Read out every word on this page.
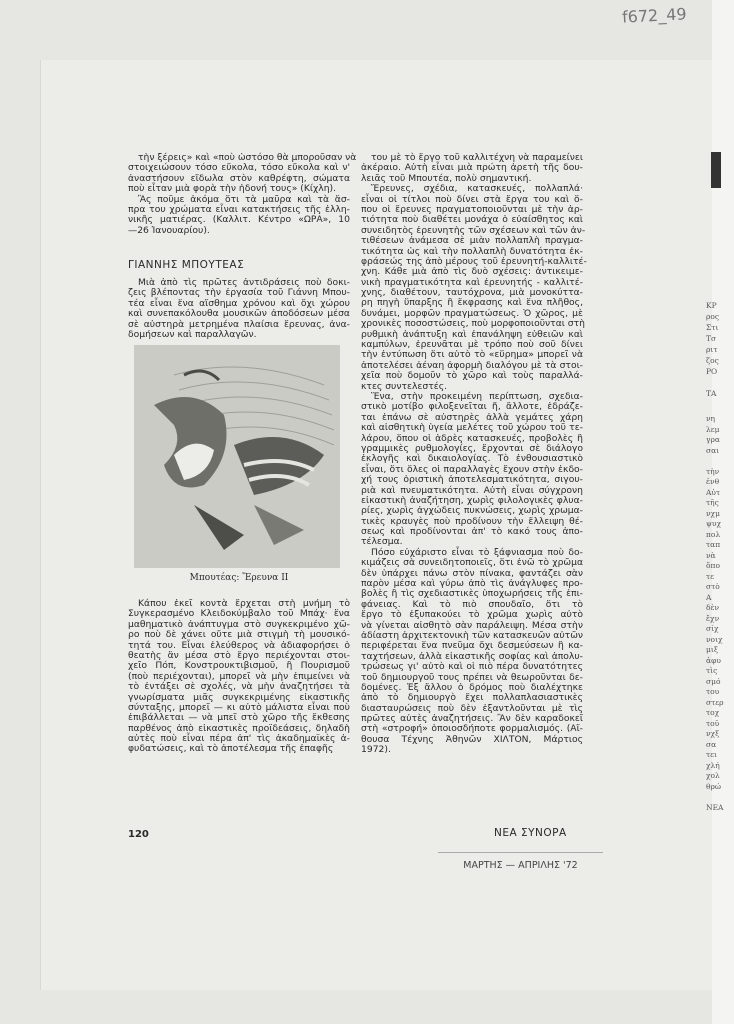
f672_49
τὴν ξέρεις» καὶ «ποὺ ὡστόσο θὰ μποροῦσαν νὰ
στοιχειώσουν τόσο εὔκολα, τόσο εὔκολα καὶ ν'
ἀναστήσουν εἴδωλα στὸν καθρέφτη, σώματα
ποὺ εἶταν μιὰ φορὰ τὴν ἡδονή τους» (Κίχλη).
Ἂς ποῦμε ἀκόμα ὅτι τὰ μαῦρα καὶ τὰ ἄσ-
πρα του χρώματα εἶναι κατακτήσεις τῆς ἑλλη-
νικῆς ματιέρας. (Καλλιτ. Κέντρο «ΩΡΑ», 10
—26 Ἰανουαρίου).
ΓΙΑΝΝΗΣ ΜΠΟΥΤΕΑΣ
Μιὰ ἀπὸ τὶς πρῶτες ἀντιδράσεις ποὺ δοκι-
ζεις βλέποντας τὴν ἐργασία τοῦ Γιάννη Μπου-
τέα εἶναι ἕνα αἴσθημα χρόνου καὶ ὄχι χώρου
καὶ συνεπακόλουθα μουσικῶν ἀποδόσεων μέσα
σὲ αὐστηρὰ μετρημένα πλαίσια ἔρευνας, ἀνα-
δομήσεων καὶ παραλλαγῶν.
Μπουτέας: Ἔρευνα ΙΙ
Κάπου ἐκεῖ κοντὰ ἔρχεται στὴ μνήμη τὸ
Συγκερασμένο Κλειδοκύμβαλο τοῦ Μπάχ· ἕνα
μαθηματικὸ ἀνάπτυγμα στὸ συγκεκριμένο χῶ-
ρο ποὺ δὲ χάνει οὔτε μιὰ στιγμὴ τὴ μουσικό-
τητά του. Εἶναι ἐλεύθερος νὰ ἀδιαφορήσει ὁ
θεατὴς ἂν μέσα στὸ ἔργο περιέχονται στοι-
χεῖο Πόπ, Κονστρουκτιβισμοῦ, ἢ Πουρισμοῦ
(ποὺ περιέχονται), μπορεῖ νὰ μὴν ἐπιμείνει νὰ
τὸ ἐντάξει σὲ σχολές, νὰ μὴν ἀναζητήσει τὰ
γνωρίσματα μιᾶς συγκεκριμένης εἰκαστικῆς
σύνταξης, μπορεῖ — κι αὐτὸ μάλιστα εἶναι ποὺ
ἐπιβάλλεται — νὰ μπεῖ στὸ χῶρο τῆς ἔκθεσης
παρθένος ἀπὸ εἰκαστικὲς προϊδεάσεις, δηλαδὴ
αὐτὲς ποὺ εἶναι πέρα ἀπ' τὶς ἀκαδημαϊκὲς ἀ-
φυδατώσεις, καὶ τὸ ἀποτέλεσμα τῆς ἐπαφῆς
του μὲ τὸ ἔργο τοῦ καλλιτέχνη νὰ παραμείνει
ἀκέραιο. Αὐτὴ εἶναι μιὰ πρώτη ἀρετὴ τῆς δου-
λειᾶς τοῦ Μπουτέα, πολὺ σημαντική.
Ἔρευνες, σχέδια, κατασκευές, πολλαπλά·
εἶναι οἱ τίτλοι ποὺ δίνει στὰ ἔργα του καὶ ὅ-
που οἱ ἔρευνες πραγματοποιοῦνται μὲ τὴν ἀρ-
τιότητα ποὺ διαθέτει μονάχα ὁ εὐαίσθητος καὶ
συνειδητὸς ἐρευνητὴς τῶν σχέσεων καὶ τῶν ἀν-
τιθέσεων ἀνάμεσα σὲ μιὰν πολλαπλὴ πραγμα-
τικότητα ὡς καὶ τὴν πολλαπλὴ δυνατότητα ἐκ-
φράσεώς της ἀπὸ μέρους τοῦ ἐρευνητή-καλλιτέ-
χνη. Κάθε μιὰ ἀπὸ τὶς δυὸ σχέσεις: ἀντικειμε-
νικὴ πραγματικότητα καὶ ἐρευνητής - καλλιτέ-
χνης, διαθέτουν, ταυτόχρονα, μιὰ μονοκύττα-
ρη πηγὴ ὕπαρξης ἢ ἔκφρασης καὶ ἕνα πλῆθος,
δυνάμει, μορφῶν πραγματώσεως. Ὁ χῶρος, μὲ
χρονικὲς ποσοστώσεις, ποὺ μορφοποιοῦνται στὴ
ρυθμικὴ ἀνάπτυξη καὶ ἐπανάληψη εὐθειῶν καὶ
καμπύλων, ἐρευνᾶται μὲ τρόπο ποὺ σοῦ δίνει
τὴν ἐντύπωση ὅτι αὐτὸ τὸ «εὕρημα» μπορεῖ νὰ
ἀποτελέσει ἀέναη ἀφορμὴ διαλόγου μὲ τὰ στοι-
χεῖα ποὺ δομοῦν τὸ χῶρο καὶ τοὺς παραλλά-
κτες συντελεστές.
Ἕνα, στὴν προκειμένη περίπτωση, σχεδια-
στικὸ μοτίβο φιλοξενεῖται ἤ, ἄλλοτε, ἑδράζε-
ται ἐπάνω σὲ αὐστηρὲς ἀλλὰ γεμάτες χάρη
καὶ αἰσθητικὴ ὑγεία μελέτες τοῦ χώρου τοῦ τε-
λάρου, ὅπου οἱ ἁδρὲς κατασκευές, προβολὲς ἢ
γραμμικὲς ρυθμολογίες, ἔρχονται σὲ διάλογο
ἐκλογῆς καὶ δικαιολογίας. Τὸ ἐνθουσιαστικὸ
εἶναι, ὅτι ὅλες οἱ παραλλαγὲς ἔχουν στὴν ἐκδο-
χή τους ὁριστικὴ ἀποτελεσματικότητα, σιγου-
ριὰ καὶ πνευματικότητα. Αὐτὴ εἶναι σύγχρονη
εἰκαστικὴ ἀναζήτηση, χωρὶς φιλολογικὲς φλυα-
ρίες, χωρὶς ἀγχώδεις πυκνώσεις, χωρὶς χρωμα-
τικὲς κραυγὲς ποὺ προδίνουν τὴν ἔλλειψη θέ-
σεως καὶ προδίνονται ἀπ' τὸ κακό τους ἀπο-
τέλεσμα.
Πόσο εὐχάριστο εἶναι τὸ ξάφνιασμα ποὺ δο-
κιμάζεις σὰ συνειδητοποιεῖς, ὅτι ἐνῶ τὸ χρῶμα
δὲν ὑπάρχει πάνω στὸν πίνακα, φαντάζει σὰν
παρὸν μέσα καὶ γύρω ἀπὸ τὶς ἀνάγλυφες προ-
βολὲς ἢ τὶς σχεδιαστικὲς ὑποχωρήσεις τῆς ἐπι-
φάνειας. Καὶ τὸ πιὸ σπουδαῖο, ὅτι τὸ
ἔργο τὸ ἐξυπακούει τὸ χρῶμα χωρὶς αὐτὸ
νὰ γίνεται αἰσθητὸ σὰν παράλειψη. Μέσα στὴν
ἀδίαστη ἀρχιτεκτονικὴ τῶν κατασκευῶν αὐτῶν
περιφέρεται ἕνα πνεῦμα ὄχι δεσμεύσεων ἢ κα-
ταχτήσεων, ἀλλὰ εἰκαστικῆς σοφίας καὶ ἀπολυ-
τρώσεως γι' αὐτὸ καὶ οἱ πιὸ πέρα δυνατότητες
τοῦ δημιουργοῦ τους πρέπει νὰ θεωροῦνται δε-
δομένες. Ἐξ ἄλλου ὁ δρόμος ποὺ διαλέχτηκε
ἀπὸ τὸ δημιουργὸ ἔχει πολλαπλασιαστικὲς
διασταυρώσεις ποὺ δὲν ἐξαντλοῦνται μὲ τὶς
πρῶτες αὐτὲς ἀναζητήσεις. Ἂν δὲν καραδοκεῖ
στὴ «στροφή» ὁποιοσδήποτε φορμαλισμός. (Αἴ-
θουσα Τέχνης Ἀθηνῶν ΧΙΛΤΟΝ, Μάρτιος
1972).
120	ΝΕΑ ΣΥΝΟΡΑ
ΜΑΡΤΗΣ — ΑΠΡΙΛΗΣ '72
ΚΡ
ρος
Στι
Τσ
ριτ
ζος
ΡΟ
ΤΑ
νη
λεμ
γρα
σαι
τὴν
ἐνθ
Αὐτ
τῆς
νχμ
ψυχ
πολ
ταπ
νὰ
ὅπο
τε
στὸ
Α
δὲν
ἔχν
σίχ
νοιχ
μιξ
ἀφυ
τὶς
σμό
του
στερ
τοχ
τοῦ
νχξ
σα
τει
χλή
χολ
θρώ
ΝΕΑ
